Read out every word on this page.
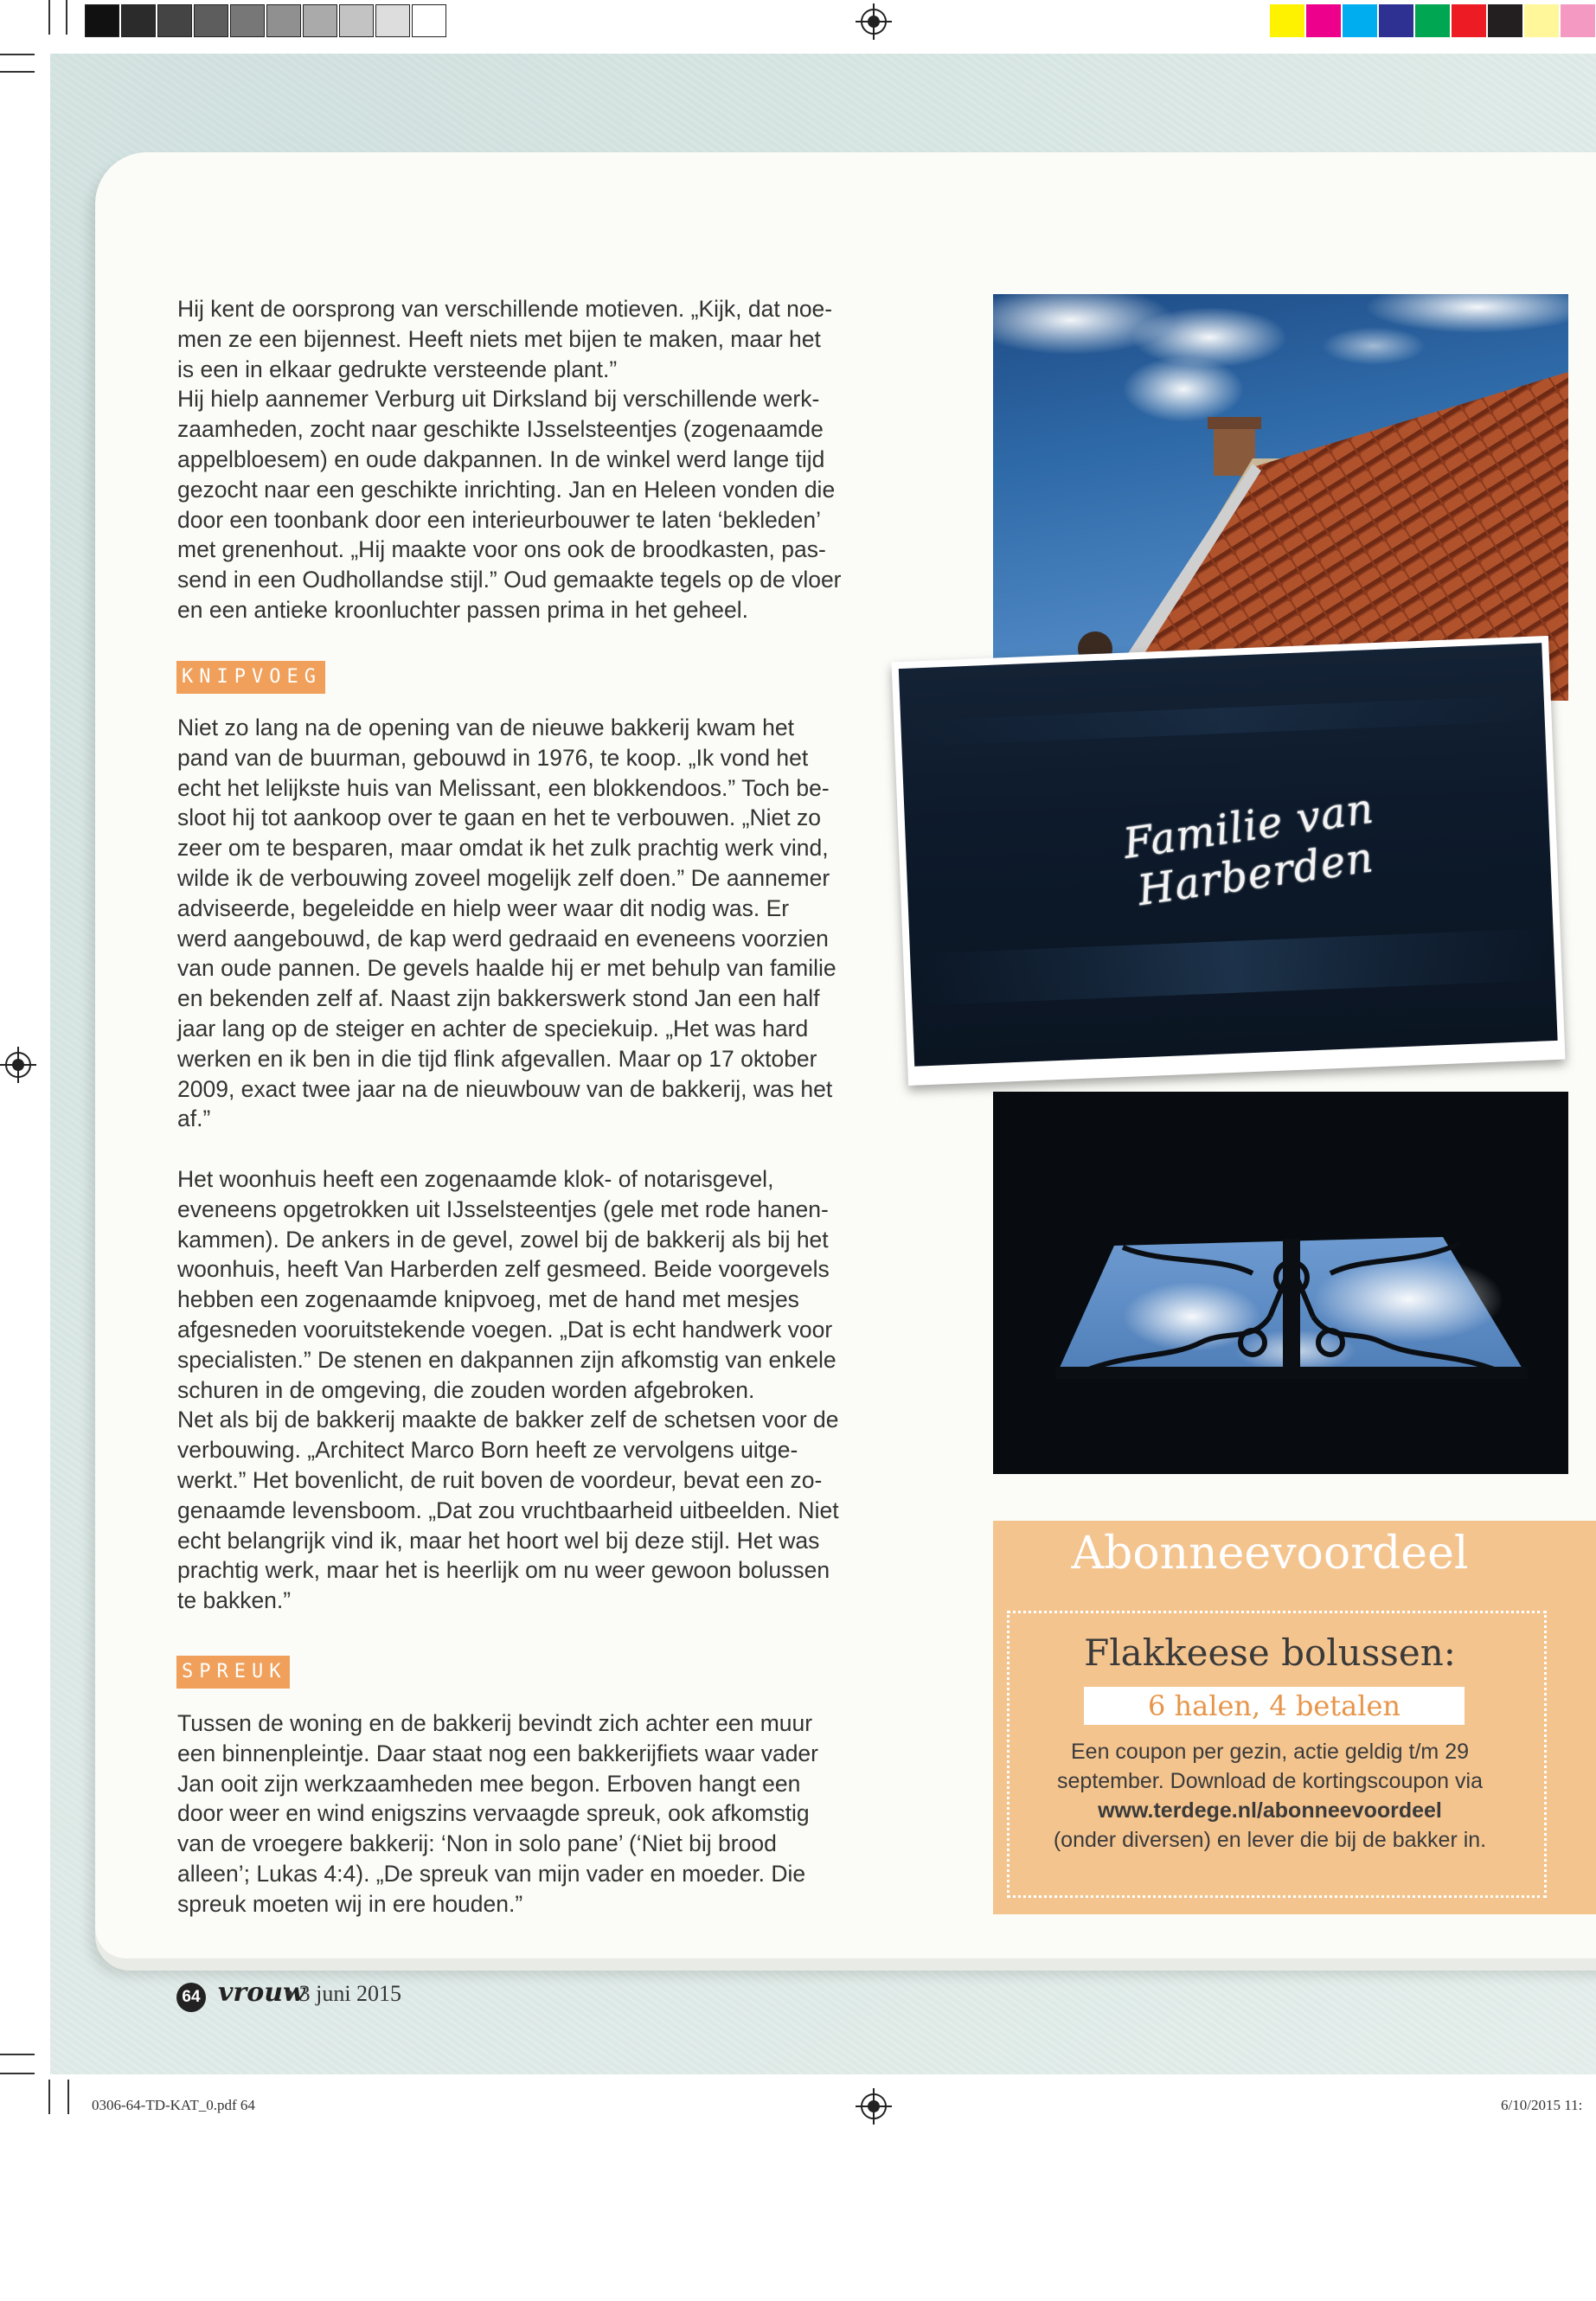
Hij kent de oorsprong van verschillende motieven. „Kijk, dat noe-
men ze een bijennest. Heeft niets met bijen te maken, maar het
is een in elkaar gedrukte versteende plant.”
Hij hielp aannemer Verburg uit Dirksland bij verschillende werk-
zaamheden, zocht naar geschikte IJsselsteentjes (zogenaamde
appelbloesem) en oude dakpannen. In de winkel werd lange tijd
gezocht naar een geschikte inrichting. Jan en Heleen vonden die
door een toonbank door een interieurbouwer te laten ‘bekleden’
met grenenhout. „Hij maakte voor ons ook de broodkasten, pas-
send in een Oudhollandse stijl.” Oud gemaakte tegels op de vloer
en een antieke kroonluchter passen prima in het geheel.
KNIPVOEG
Niet zo lang na de opening van de nieuwe bakkerij kwam het
pand van de buurman, gebouwd in 1976, te koop. „Ik vond het
echt het lelijkste huis van Melissant, een blokkendoos.” Toch be-
sloot hij tot aankoop over te gaan en het te verbouwen. „Niet zo
zeer om te besparen, maar omdat ik het zulk prachtig werk vind,
wilde ik de verbouwing zoveel mogelijk zelf doen.” De aannemer
adviseerde, begeleidde en hielp weer waar dit nodig was. Er
werd aangebouwd, de kap werd gedraaid en eveneens voorzien
van oude pannen. De gevels haalde hij er met behulp van familie
en bekenden zelf af. Naast zijn bakkerswerk stond Jan een half
jaar lang op de steiger en achter de speciekuip. „Het was hard
werken en ik ben in die tijd flink afgevallen. Maar op 17 oktober
2009, exact twee jaar na de nieuwbouw van de bakkerij, was het
af.”
Het woonhuis heeft een zogenaamde klok- of notarisgevel,
eveneens opgetrokken uit IJsselsteentjes (gele met rode hanen-
kammen). De ankers in de gevel, zowel bij de bakkerij als bij het
woonhuis, heeft Van Harberden zelf gesmeed. Beide voorgevels
hebben een zogenaamde knipvoeg, met de hand met mesjes
afgesneden vooruitstekende voegen. „Dat is echt handwerk voor
specialisten.” De stenen en dakpannen zijn afkomstig van enkele
schuren in de omgeving, die zouden worden afgebroken.
Net als bij de bakkerij maakte de bakker zelf de schetsen voor de
verbouwing. „Architect Marco Born heeft ze vervolgens uitge-
werkt.” Het bovenlicht, de ruit boven de voordeur, bevat een zo-
genaamde levensboom. „Dat zou vruchtbaarheid uitbeelden. Niet
echt belangrijk vind ik, maar het hoort wel bij deze stijl. Het was
prachtig werk, maar het is heerlijk om nu weer gewoon bolussen
te bakken.”
SPREUK
Tussen de woning en de bakkerij bevindt zich achter een muur
een binnenpleintje. Daar staat nog een bakkerijfiets waar vader
Jan ooit zijn werkzaamheden mee begon. Erboven hangt een
door weer en wind enigszins vervaagde spreuk, ook afkomstig
van de vroegere bakkerij: ‘Non in solo pane’ (‘Niet bij brood
alleen’; Lukas 4:4). „De spreuk van mijn vader en moeder. Die
spreuk moeten wij in ere houden.”
Familie van Harberden
Abonneevoordeel
Flakkeese bolussen:
6 halen, 4 betalen
Een coupon per gezin, actie geldig t/m 29
september. Download de kortingscoupon via
www.terdege.nl/abonneevoordeel
(onder diversen) en lever die bij de bakker in.
64 vrouw
• 3 juni 2015
0306-64-TD-KAT_0.pdf 64	6/10/2015 11:
